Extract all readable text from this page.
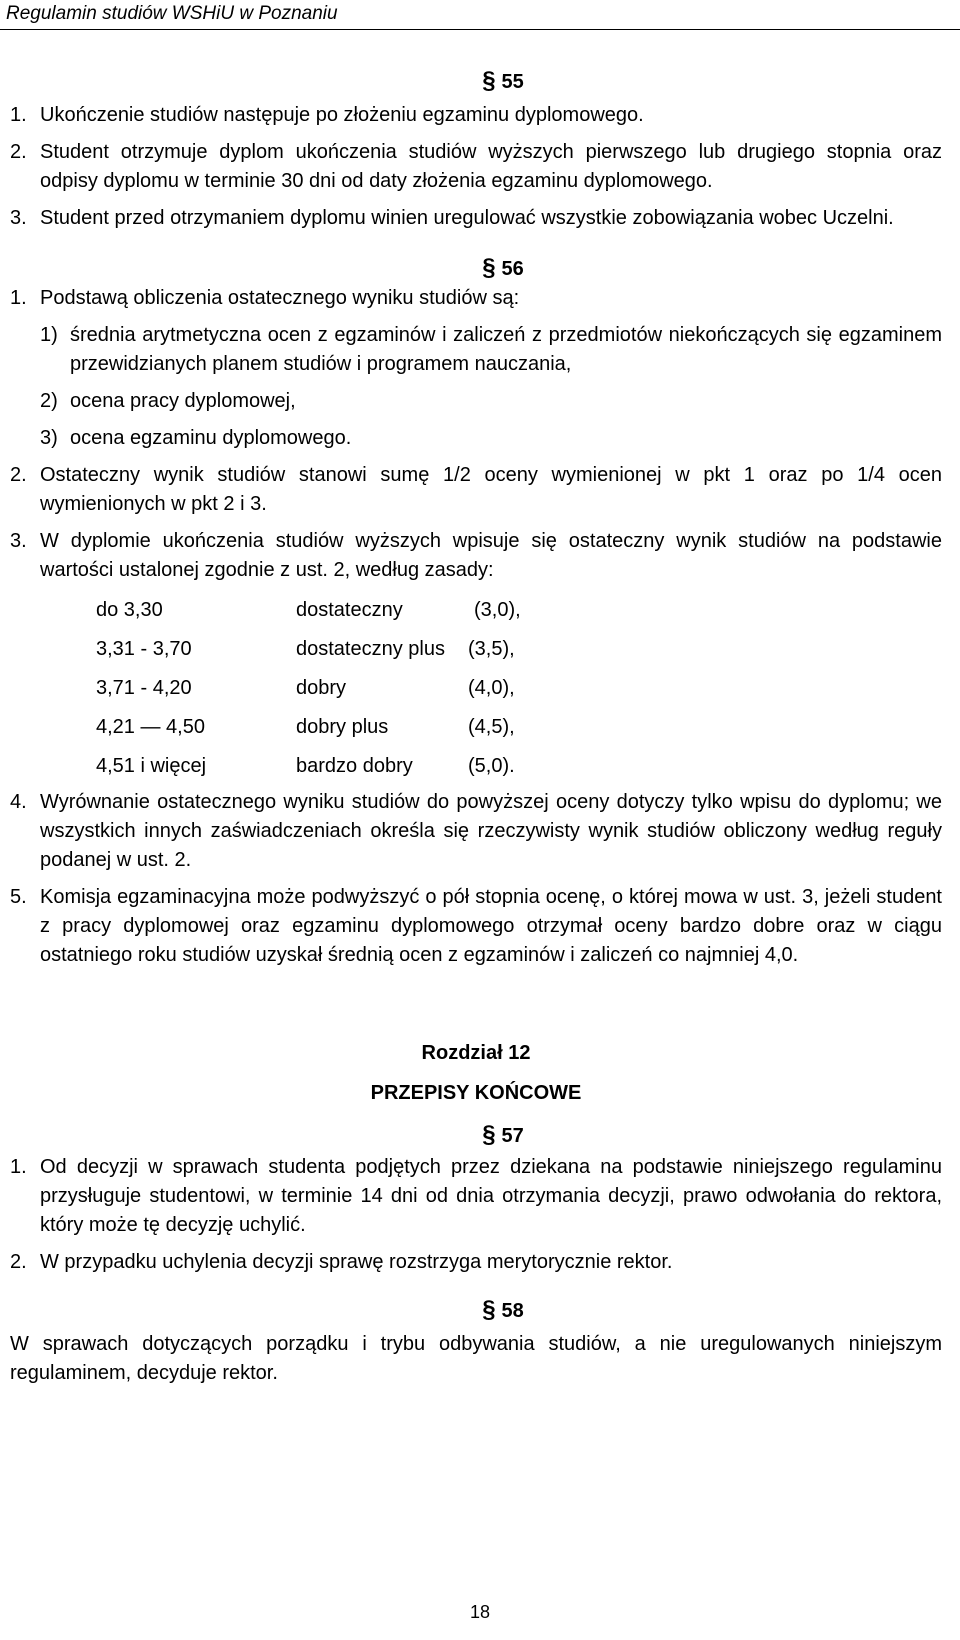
Regulamin studiów WSHiU w Poznaniu
§ 55

1. Ukończenie studiów następuje po złożeniu egzaminu dyplomowego.

2. Student otrzymuje dyplom ukończenia studiów wyższych pierwszego lub drugiego stopnia oraz odpisy dyplomu w terminie 30 dni od daty złożenia egzaminu dyplomowego.

3. Student przed otrzymaniem dyplomu winien uregulować wszystkie zobowiązania wobec Uczelni.

§ 56

1. Podstawą obliczenia ostatecznego wyniku studiów są:

1) średnia arytmetyczna ocen z egzaminów i zaliczeń z przedmiotów niekończących się egzaminem przewidzianych planem studiów i programem nauczania,

2) ocena pracy dyplomowej,

3) ocena egzaminu dyplomowego.

2. Ostateczny wynik studiów stanowi sumę 1/2 oceny wymienionej w pkt 1 oraz po 1/4 ocen wymienionych w pkt 2 i 3.

3. W dyplomie ukończenia studiów wyższych wpisuje się ostateczny wynik studiów na podstawie wartości ustalonej zgodnie z ust. 2, według zasady:

do 3,30	dostateczny	(3,0),
3,31 - 3,70	dostateczny plus	(3,5),
3,71 - 4,20	dobry	(4,0),
4,21 — 4,50	dobry plus	(4,5),
4,51 i więcej	bardzo dobry	(5,0).

4. Wyrównanie ostatecznego wyniku studiów do powyższej oceny dotyczy tylko wpisu do dyplomu; we wszystkich innych zaświadczeniach określa się rzeczywisty wynik studiów obliczony według reguły podanej w ust. 2.

5. Komisja egzaminacyjna może podwyższyć o pół stopnia ocenę, o której mowa w ust. 3, jeżeli student z pracy dyplomowej oraz egzaminu dyplomowego otrzymał oceny bardzo dobre oraz w ciągu ostatniego roku studiów uzyskał średnią ocen z egzaminów i zaliczeń co najmniej 4,0.

Rozdział 12
PRZEPISY KOŃCOWE
§ 57

1. Od decyzji w sprawach studenta podjętych przez dziekana na podstawie niniejszego regulaminu przysługuje studentowi, w terminie 14 dni od dnia otrzymania decyzji, prawo odwołania do rektora, który może tę decyzję uchylić.

2. W przypadku uchylenia decyzji sprawę rozstrzyga merytorycznie rektor.

§ 58

W sprawach dotyczących porządku i trybu odbywania studiów, a nie uregulowanych niniejszym regulaminem, decyduje rektor.

18
